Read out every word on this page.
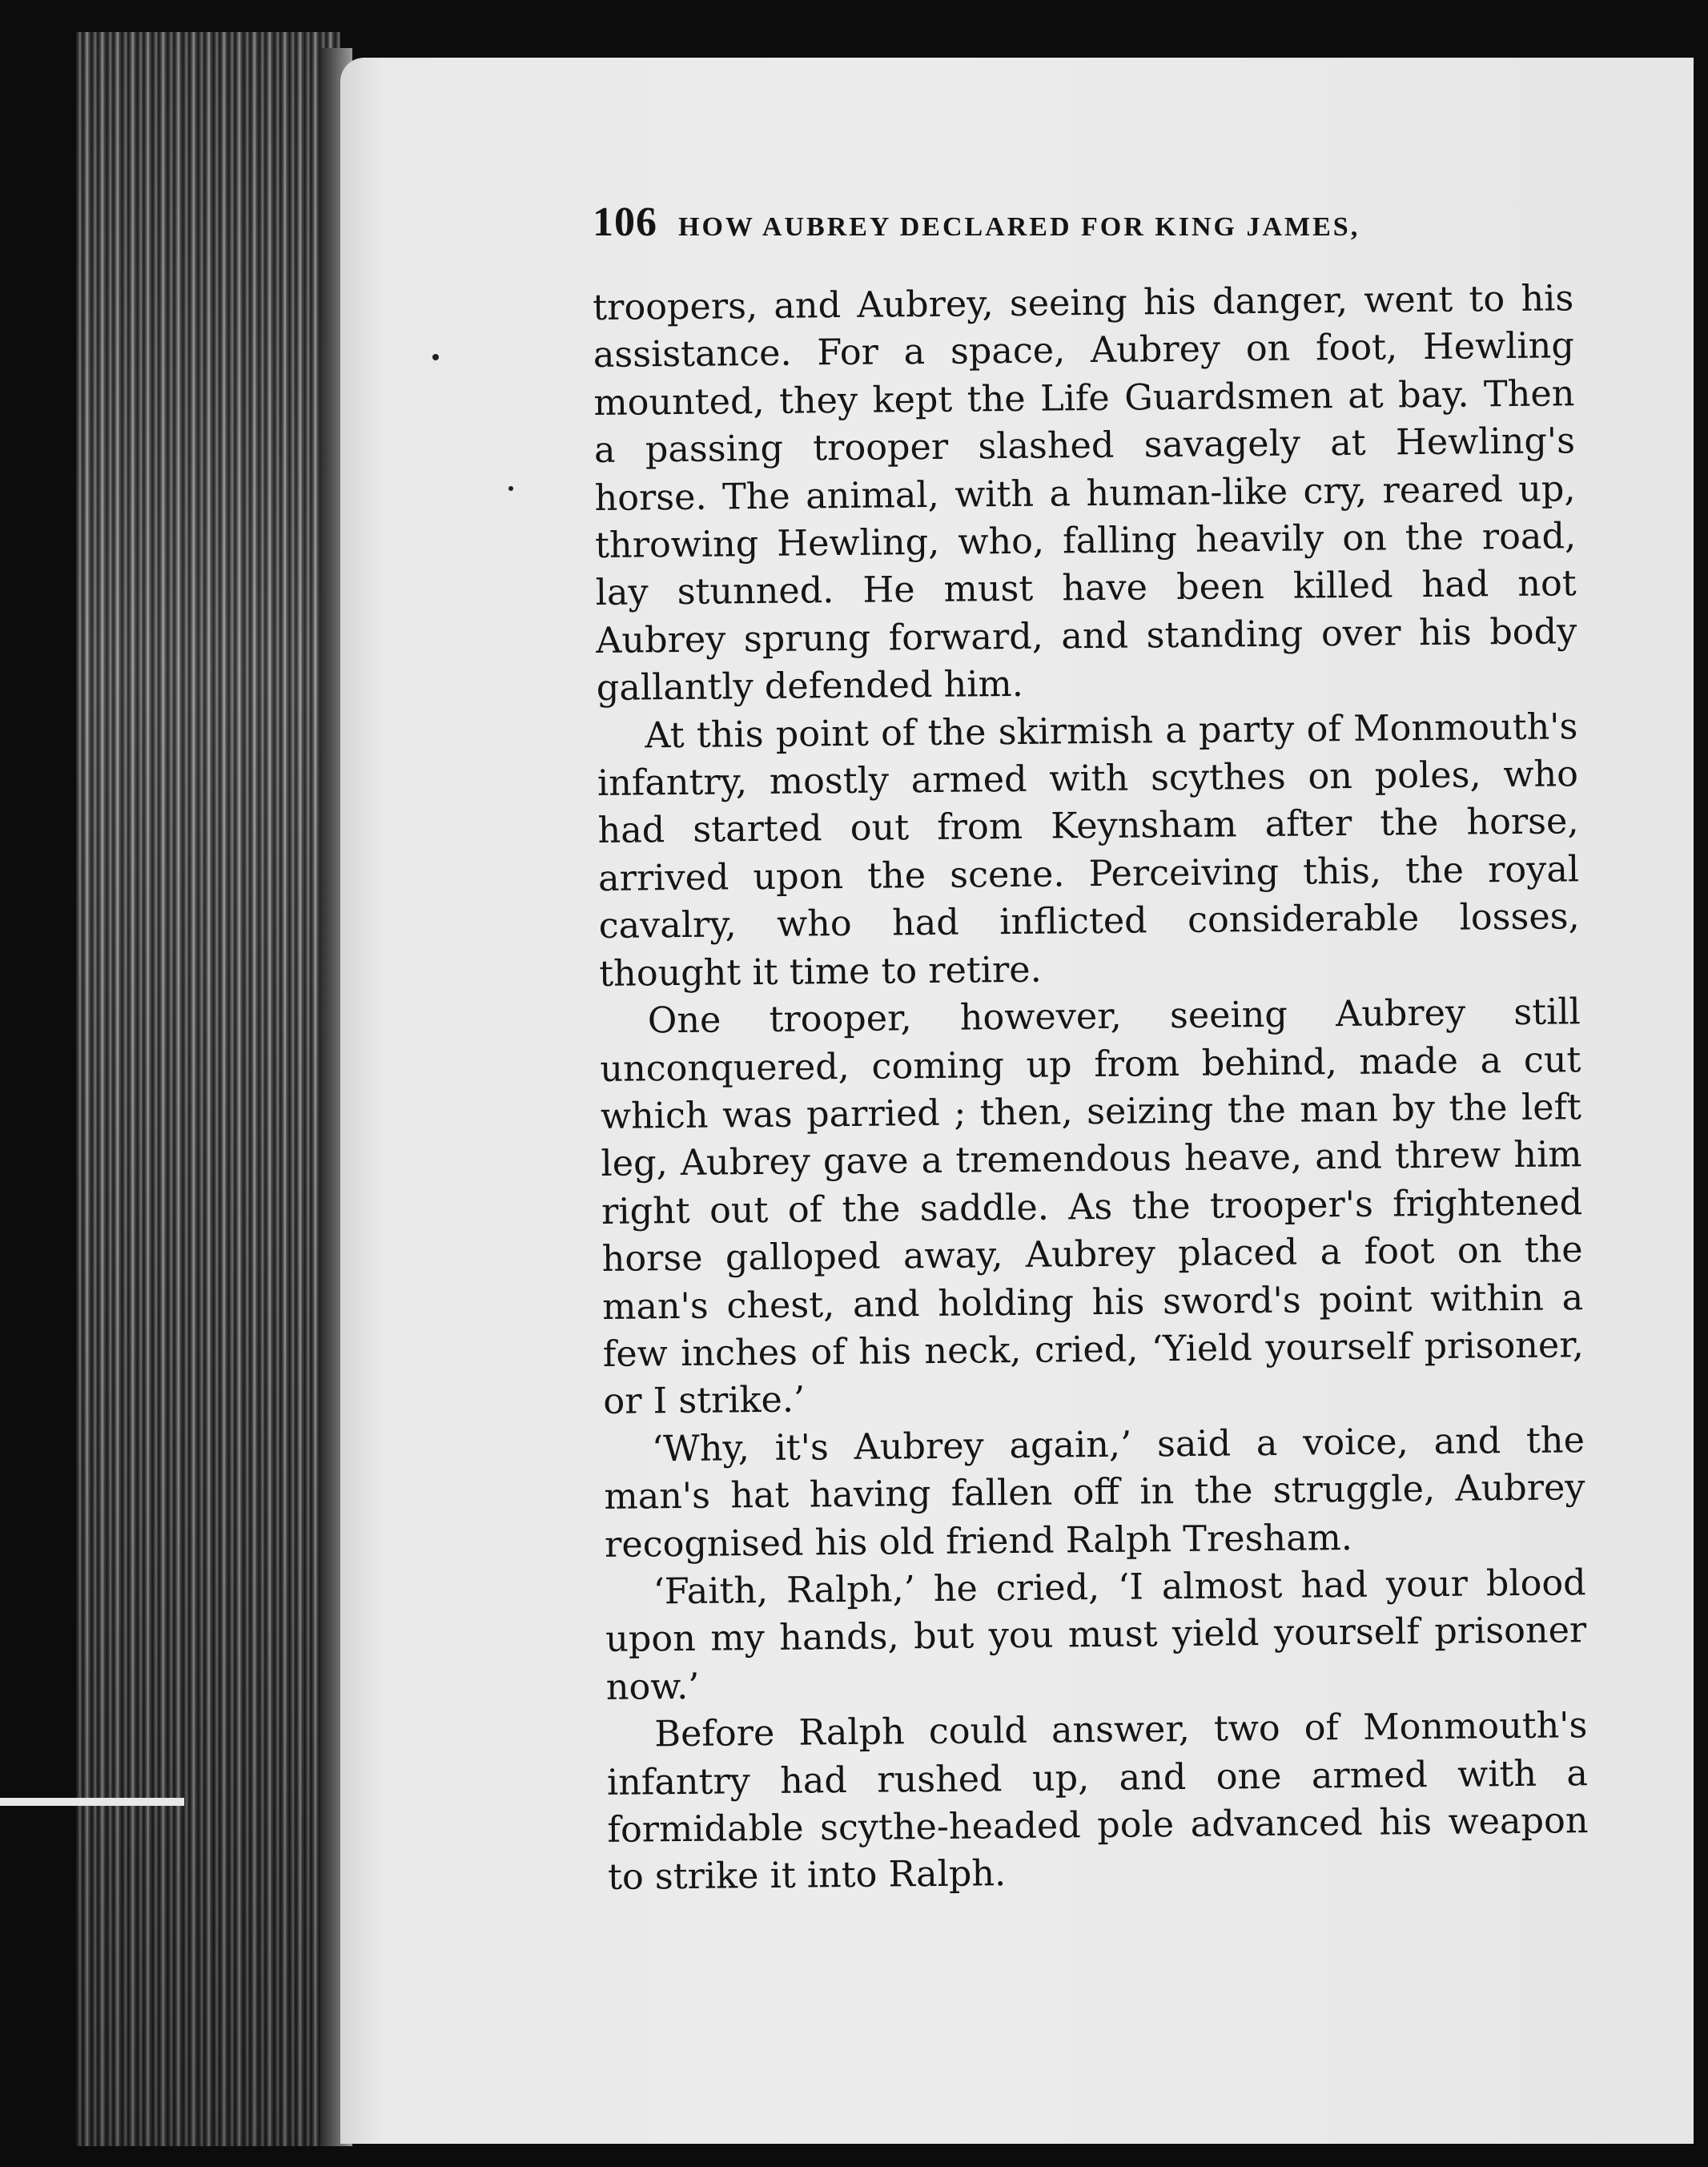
106 HOW AUBREY DECLARED FOR KING JAMES,

troopers, and Aubrey, seeing his danger, went to his assistance. For a space, Aubrey on foot, Hewling mounted, they kept the Life Guardsmen at bay. Then a passing trooper slashed savagely at Hewling's horse. The animal, with a human-like cry, reared up, throwing Hewling, who, falling heavily on the road, lay stunned. He must have been killed had not Aubrey sprung forward, and standing over his body gallantly defended him.

At this point of the skirmish a party of Monmouth's infantry, mostly armed with scythes on poles, who had started out from Keynsham after the horse, arrived upon the scene. Perceiving this, the royal cavalry, who had inflicted considerable losses, thought it time to retire.

One trooper, however, seeing Aubrey still unconquered, coming up from behind, made a cut which was parried ; then, seizing the man by the left leg, Aubrey gave a tremendous heave, and threw him right out of the saddle. As the trooper's frightened horse galloped away, Aubrey placed a foot on the man's chest, and holding his sword's point within a few inches of his neck, cried, ‘Yield yourself prisoner, or I strike.’

‘Why, it's Aubrey again,’ said a voice, and the man's hat having fallen off in the struggle, Aubrey recognised his old friend Ralph Tresham.

‘Faith, Ralph,’ he cried, ‘I almost had your blood upon my hands, but you must yield yourself prisoner now.’

Before Ralph could answer, two of Monmouth's infantry had rushed up, and one armed with a formidable scythe-headed pole advanced his weapon to strike it into Ralph.
